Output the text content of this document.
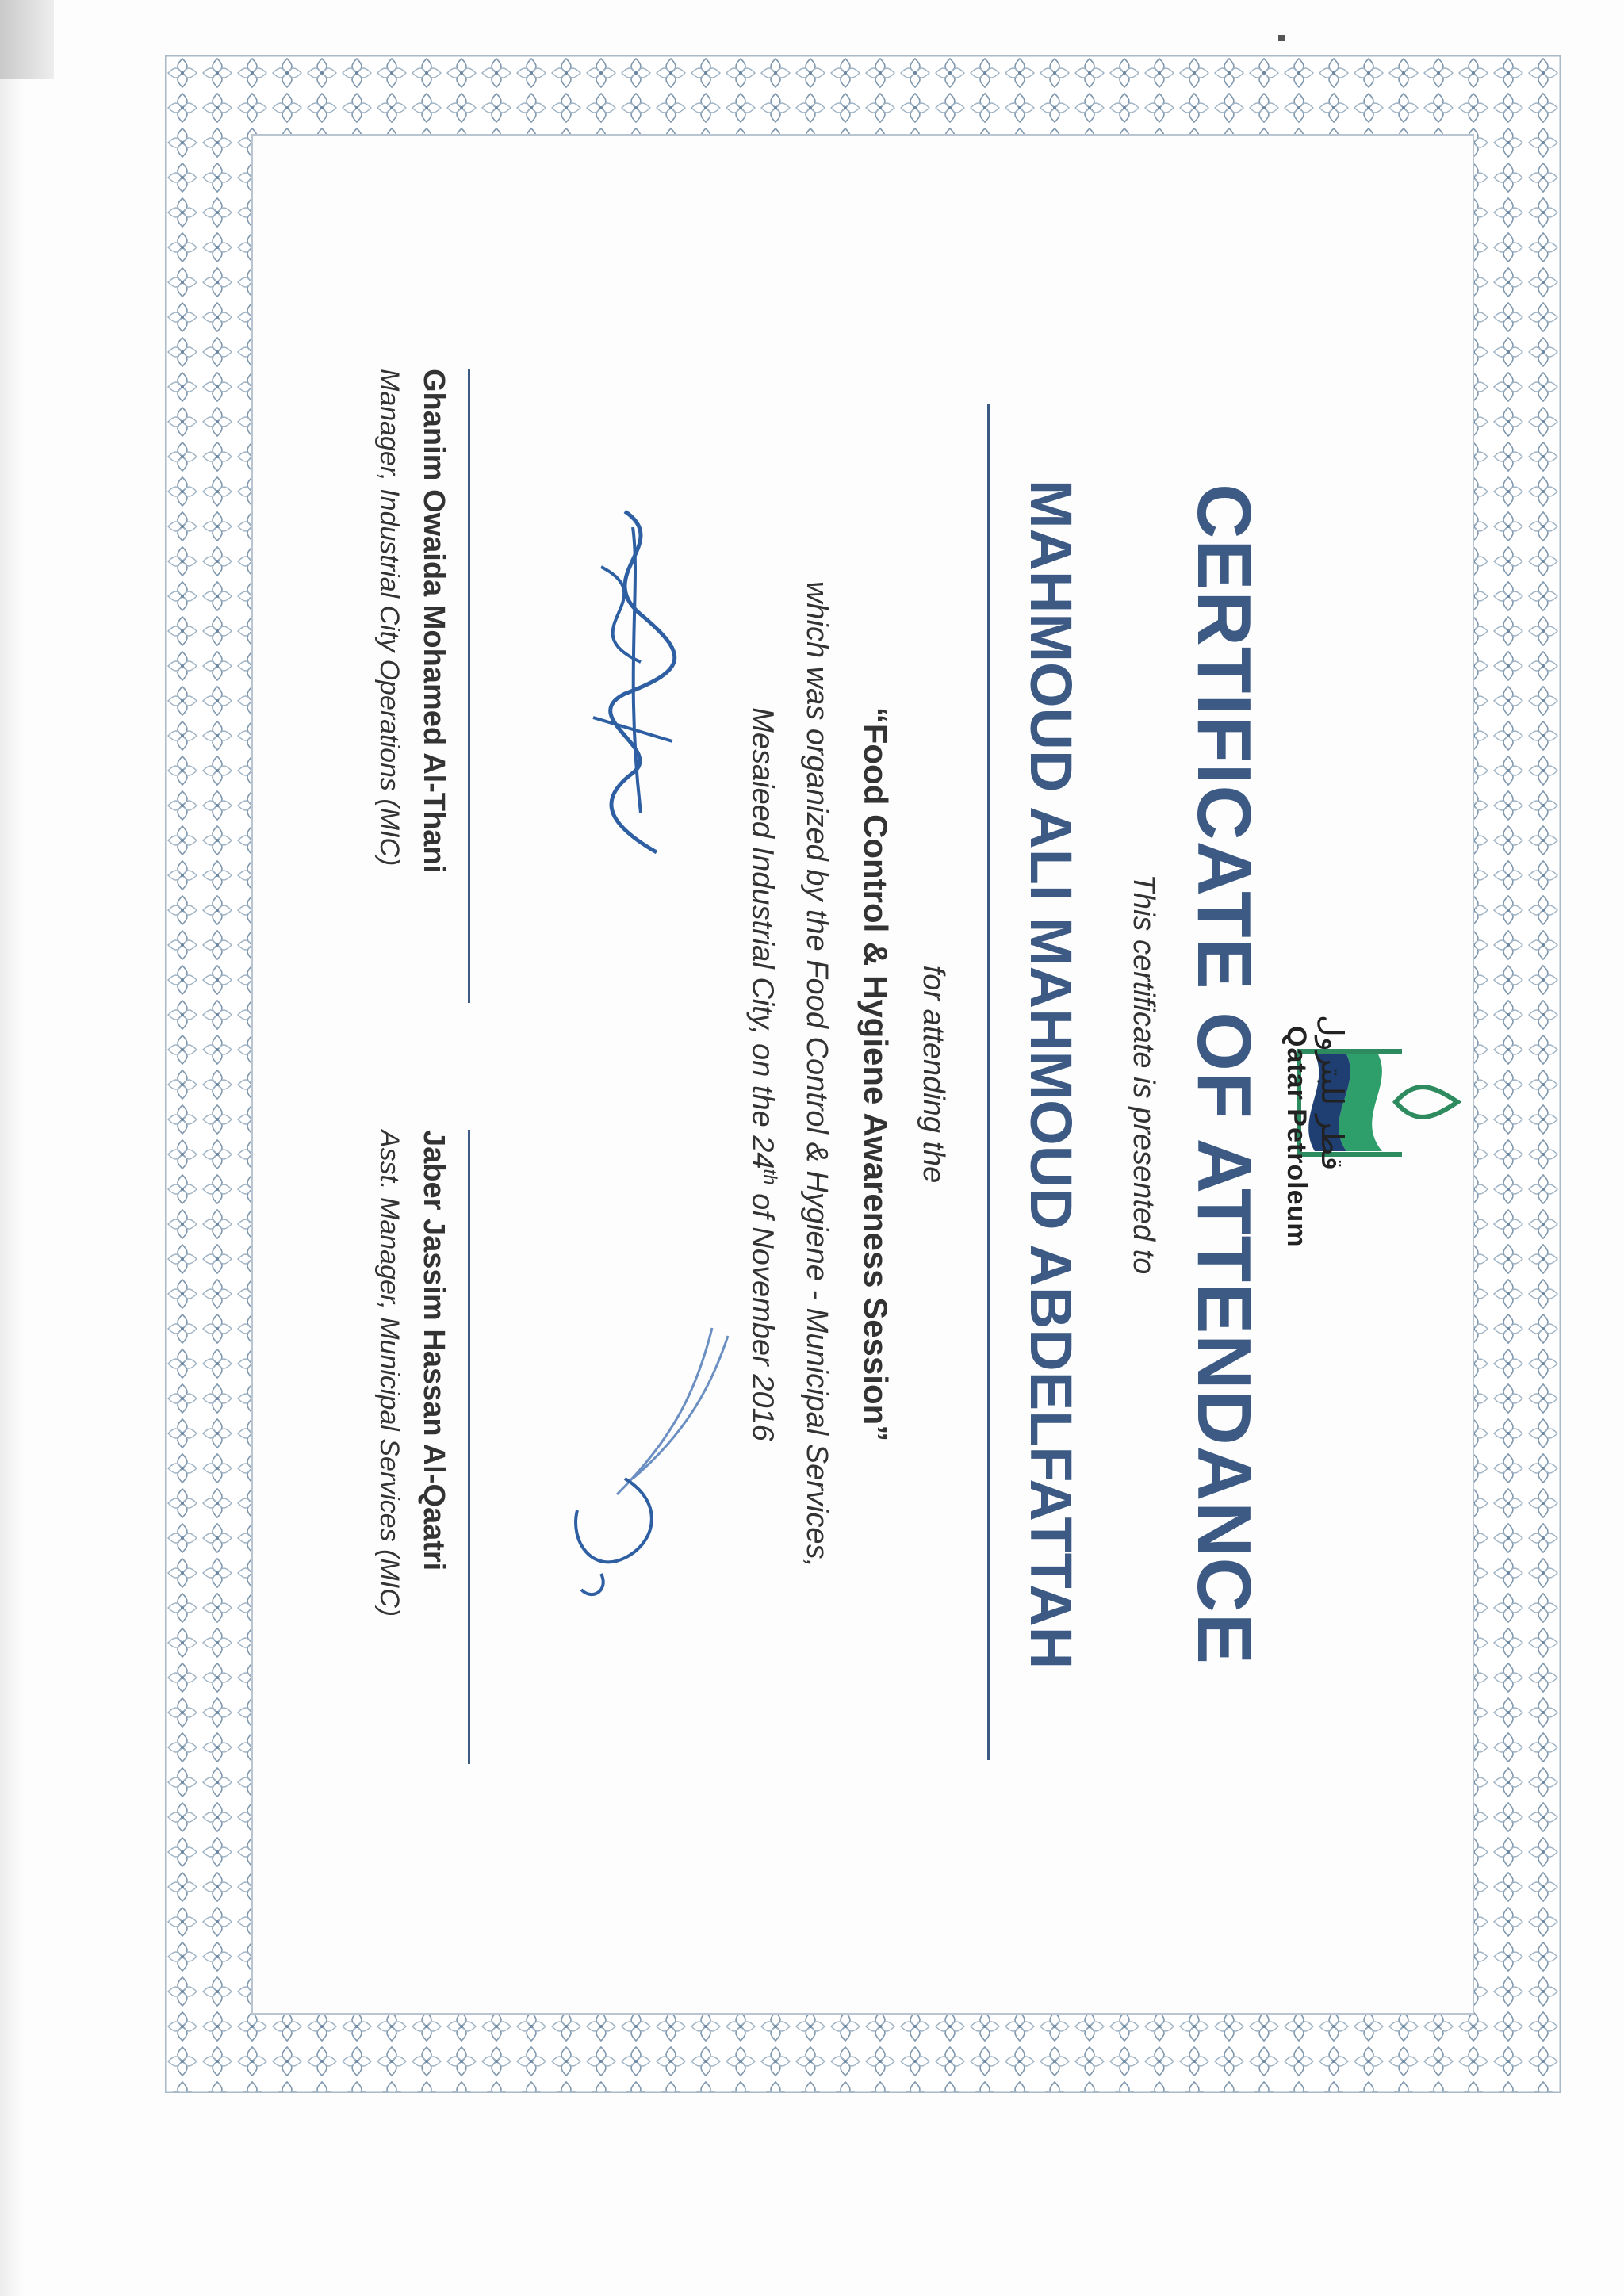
قطر للبترول
Qatar Petroleum
CERTIFICATE OF ATTENDANCE
This certificate is presented to
MAHMOUD ALI MAHMOUD ABDELFATTAH
for attending the
“Food Control & Hygiene Awareness Session”
which was organized by the Food Control & Hygiene - Municipal Services,
Mesaieed Industrial City, on the 24th of November 2016
Ghanim Owaida Mohamed Al-Thani
Manager, Industrial City Operations (MIC)
Jaber Jassim Hassan Al-Qaatri
Asst. Manager, Municipal Services (MIC)
